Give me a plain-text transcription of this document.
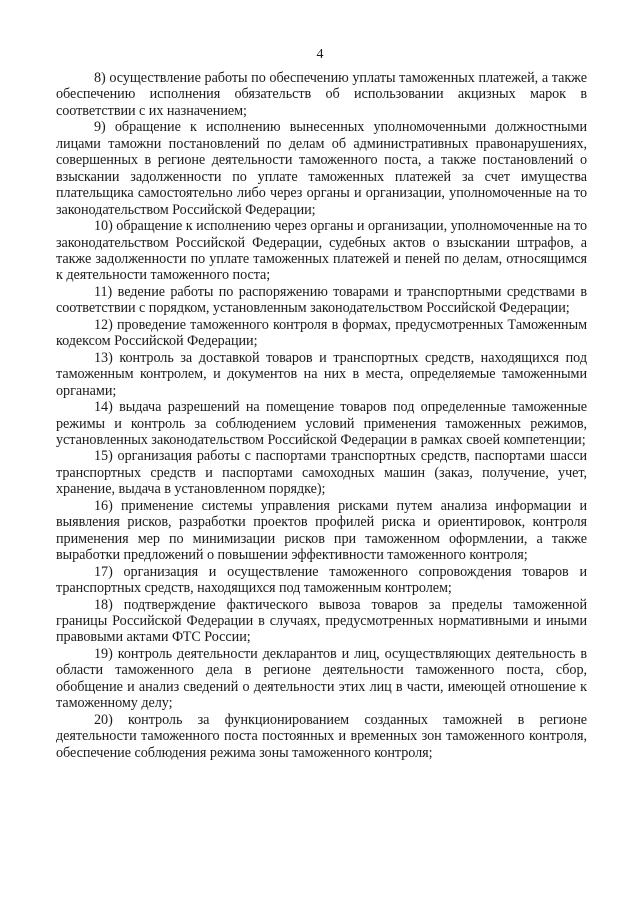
4

8) осуществление работы по обеспечению уплаты таможенных платежей, а также обеспечению исполнения обязательств об использовании акцизных марок в соответствии с их назначением;

9) обращение к исполнению вынесенных уполномоченными должностными лицами таможни постановлений по делам об административных правонарушениях, совершенных в регионе деятельности таможенного поста, а также постановлений о взыскании задолженности по уплате таможенных платежей за счет имущества плательщика самостоятельно либо через органы и организации, уполномоченные на то законодательством Российской Федерации;

10) обращение к исполнению через органы и организации, уполномоченные на то законодательством Российской Федерации, судебных актов о взыскании штрафов, а также задолженности по уплате таможенных платежей и пеней по делам, относящимся к деятельности таможенного поста;

11) ведение работы по распоряжению товарами и транспортными средствами в соответствии с порядком, установленным законодательством Российской Федерации;

12) проведение таможенного контроля в формах, предусмотренных Таможенным кодексом Российской Федерации;

13) контроль за доставкой товаров и транспортных средств, находящихся под таможенным контролем, и документов на них в места, определяемые таможенными органами;

14) выдача разрешений на помещение товаров под определенные таможенные режимы и контроль за соблюдением условий применения таможенных режимов, установленных законодательством Российской Федерации в рамках своей компетенции;

15) организация работы с паспортами транспортных средств, паспортами шасси транспортных средств и паспортами самоходных машин (заказ, получение, учет, хранение, выдача в установленном порядке);

16) применение системы управления рисками путем анализа информации и выявления рисков, разработки проектов профилей риска и ориентировок, контроля применения мер по минимизации рисков при таможенном оформлении, а также выработки предложений о повышении эффективности таможенного контроля;

17) организация и осуществление таможенного сопровождения товаров и транспортных средств, находящихся под таможенным контролем;

18) подтверждение фактического вывоза товаров за пределы таможенной границы Российской Федерации в случаях, предусмотренных нормативными и иными правовыми актами ФТС России;

19) контроль деятельности декларантов и лиц, осуществляющих деятельность в области таможенного дела в регионе деятельности таможенного поста, сбор, обобщение и анализ сведений о деятельности этих лиц в части, имеющей отношение к таможенному делу;

20) контроль за функционированием созданных таможней в регионе деятельности таможенного поста постоянных и временных зон таможенного контроля, обеспечение соблюдения режима зоны таможенного контроля;
